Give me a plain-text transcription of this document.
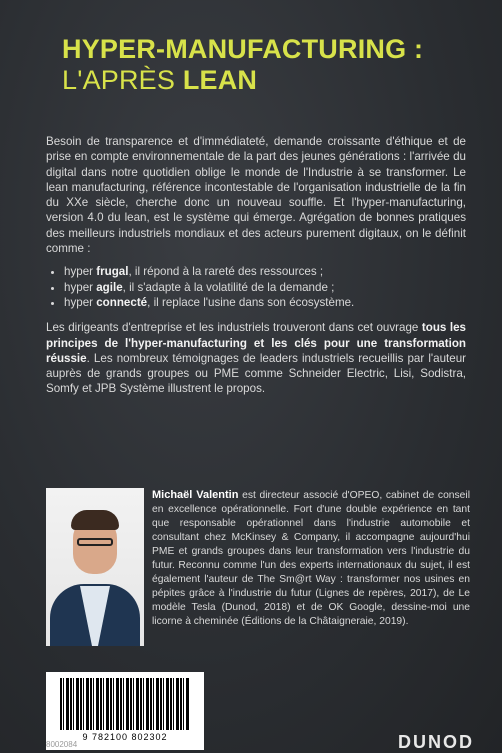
HYPER-MANUFACTURING :
L'APRÈS LEAN

Besoin de transparence et d'immédiateté, demande croissante d'éthique et de prise en compte environnementale de la part des jeunes générations : l'arrivée du digital dans notre quotidien oblige le monde de l'Industrie à se transformer. Le lean manufacturing, référence incontestable de l'organisation industrielle de la fin du XXe siècle, cherche donc un nouveau souffle. Et l'hyper-manufacturing, version 4.0 du lean, est le système qui émerge. Agrégation de bonnes pratiques des meilleurs industriels mondiaux et des acteurs purement digitaux, on le définit comme :

• hyper frugal, il répond à la rareté des ressources ;
• hyper agile, il s'adapte à la volatilité de la demande ;
• hyper connecté, il replace l'usine dans son écosystème.

Les dirigeants d'entreprise et les industriels trouveront dans cet ouvrage tous les principes de l'hyper-manufacturing et les clés pour une transformation réussie. Les nombreux témoignages de leaders industriels recueillis par l'auteur auprès de grands groupes ou PME comme Schneider Electric, Lisi, Sodistra, Somfy et JPB Système illustrent le propos.

Michaël Valentin est directeur associé d'OPEO, cabinet de conseil en excellence opérationnelle. Fort d'une double expérience en tant que responsable opérationnel dans l'industrie automobile et consultant chez McKinsey & Company, il accompagne aujourd'hui PME et grands groupes dans leur transformation vers l'industrie du futur. Reconnu comme l'un des experts internationaux du sujet, il est également l'auteur de The Sm@rt Way : transformer nos usines en pépites grâce à l'industrie du futur (Lignes de repères, 2017), de Le modèle Tesla (Dunod, 2018) et de OK Google, dessine-moi une licorne à cheminée (Éditions de la Châtaigneraie, 2019).
9 782100 802302
8002084	DUNOD
